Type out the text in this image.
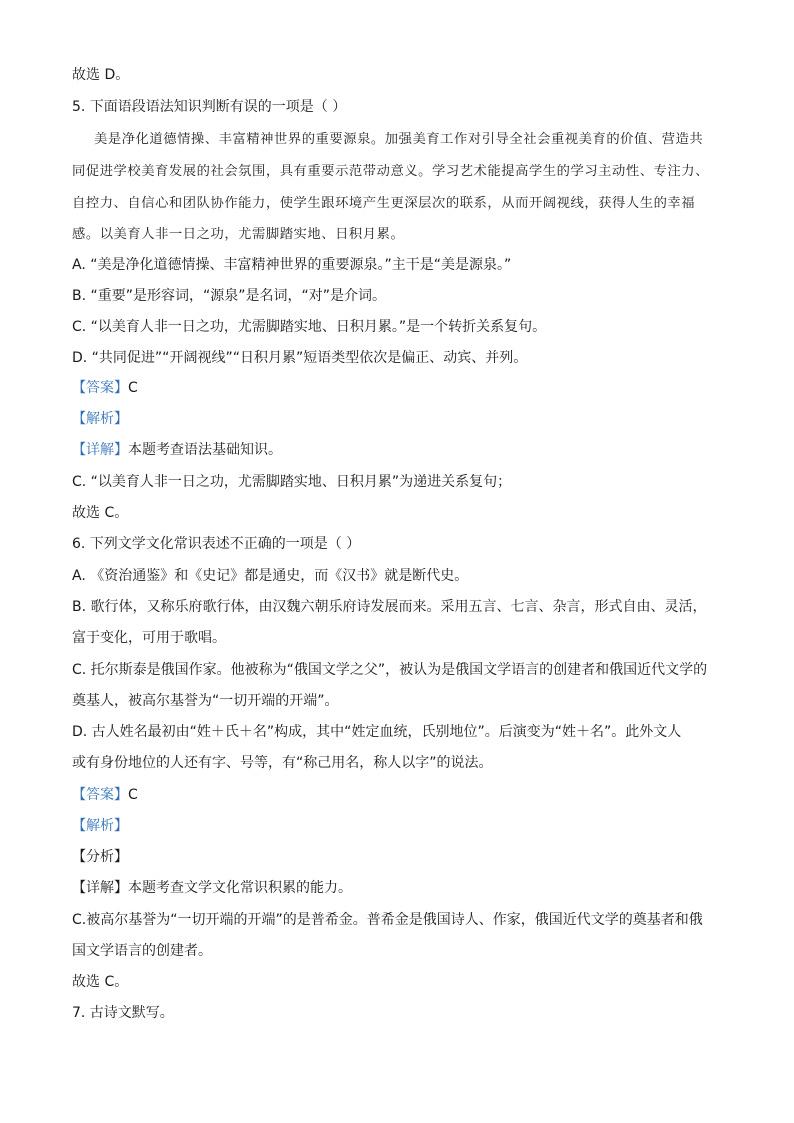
故选 D。
5. 下面语段语法知识判断有误的一项是（ ）
美是净化道德情操、丰富精神世界的重要源泉。加强美育工作对引导全社会重视美育的价值、营造共
同促进学校美育发展的社会氛围，具有重要示范带动意义。学习艺术能提高学生的学习主动性、专注力、
自控力、自信心和团队协作能力，使学生跟环境产生更深层次的联系，从而开阔视线，获得人生的幸福
感。以美育人非一日之功，尤需脚踏实地、日积月累。
A. “美是净化道德情操、丰富精神世界的重要源泉。”主干是“美是源泉。”
B. “重要”是形容词，“源泉”是名词，“对”是介词。
C. “以美育人非一日之功，尤需脚踏实地、日积月累。”是一个转折关系复句。
D. “共同促进”“开阔视线”“日积月累”短语类型依次是偏正、动宾、并列。
【答案】C
【解析】
【详解】本题考查语法基础知识。
C. “以美育人非一日之功，尤需脚踏实地、日积月累”为递进关系复句；
故选 C。
6. 下列文学文化常识表述不正确的一项是（ ）
A. 《资治通鉴》和《史记》都是通史，而《汉书》就是断代史。
B. 歌行体，又称乐府歌行体，由汉魏六朝乐府诗发展而来。采用五言、七言、杂言，形式自由、灵活，
富于变化，可用于歌唱。
C. 托尔斯泰是俄国作家。他被称为“俄国文学之父”，被认为是俄国文学语言的创建者和俄国近代文学的
奠基人，被高尔基誉为“一切开端的开端”。
D. 古人姓名最初由“姓＋氏＋名”构成，其中“姓定血统，氏别地位”。后演变为“姓＋名”。此外文人
或有身份地位的人还有字、号等，有“称己用名，称人以字”的说法。
【答案】C
【解析】
【分析】
【详解】本题考查文学文化常识积累的能力。
C.被高尔基誉为“一切开端的开端”的是普希金。普希金是俄国诗人、作家，俄国近代文学的奠基者和俄
国文学语言的创建者。
故选 C。
7. 古诗文默写。
